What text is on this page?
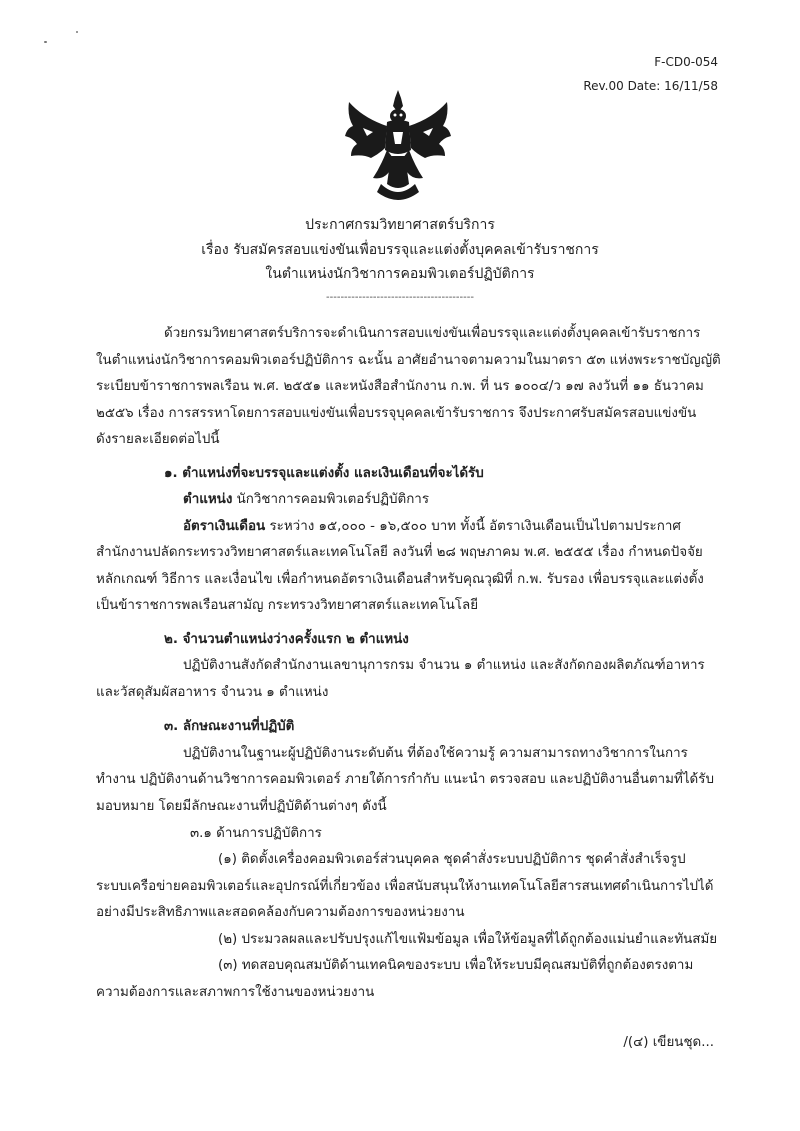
F-CD0-054
Rev.00 Date: 16/11/58
ประกาศกรมวิทยาศาสตร์บริการ
เรื่อง รับสมัครสอบแข่งขันเพื่อบรรจุและแต่งตั้งบุคคลเข้ารับราชการ
ในตำแหน่งนักวิชาการคอมพิวเตอร์ปฏิบัติการ
-----------------------------------------
ด้วยกรมวิทยาศาสตร์บริการจะดำเนินการสอบแข่งขันเพื่อบรรจุและแต่งตั้งบุคคลเข้ารับราชการ
ในตำแหน่งนักวิชาการคอมพิวเตอร์ปฏิบัติการ ฉะนั้น อาศัยอำนาจตามความในมาตรา ๕๓ แห่งพระราชบัญญัติ
ระเบียบข้าราชการพลเรือน พ.ศ. ๒๕๕๑ และหนังสือสำนักงาน ก.พ. ที่ นร ๑๐๐๔/ว ๑๗ ลงวันที่ ๑๑ ธันวาคม
๒๕๕๖ เรื่อง การสรรหาโดยการสอบแข่งขันเพื่อบรรจุบุคคลเข้ารับราชการ จึงประกาศรับสมัครสอบแข่งขัน
ดังรายละเอียดต่อไปนี้
๑. ตำแหน่งที่จะบรรจุและแต่งตั้ง และเงินเดือนที่จะได้รับ
ตำแหน่ง นักวิชาการคอมพิวเตอร์ปฏิบัติการ
อัตราเงินเดือน ระหว่าง ๑๕,๐๐๐ - ๑๖,๕๐๐ บาท ทั้งนี้ อัตราเงินเดือนเป็นไปตามประกาศ
สำนักงานปลัดกระทรวงวิทยาศาสตร์และเทคโนโลยี ลงวันที่ ๒๘ พฤษภาคม พ.ศ. ๒๕๕๕ เรื่อง กำหนดปัจจัย
หลักเกณฑ์ วิธีการ และเงื่อนไข เพื่อกำหนดอัตราเงินเดือนสำหรับคุณวุฒิที่ ก.พ. รับรอง เพื่อบรรจุและแต่งตั้ง
เป็นข้าราชการพลเรือนสามัญ กระทรวงวิทยาศาสตร์และเทคโนโลยี
๒. จำนวนตำแหน่งว่างครั้งแรก ๒ ตำแหน่ง
ปฏิบัติงานสังกัดสำนักงานเลขานุการกรม จำนวน ๑ ตำแหน่ง และสังกัดกองผลิตภัณฑ์อาหาร
และวัสดุสัมผัสอาหาร จำนวน ๑ ตำแหน่ง
๓. ลักษณะงานที่ปฏิบัติ
ปฏิบัติงานในฐานะผู้ปฏิบัติงานระดับต้น ที่ต้องใช้ความรู้ ความสามารถทางวิชาการในการ
ทำงาน ปฏิบัติงานด้านวิชาการคอมพิวเตอร์ ภายใต้การกำกับ แนะนำ ตรวจสอบ และปฏิบัติงานอื่นตามที่ได้รับ
มอบหมาย โดยมีลักษณะงานที่ปฏิบัติด้านต่างๆ ดังนี้
๓.๑ ด้านการปฏิบัติการ
(๑) ติดตั้งเครื่องคอมพิวเตอร์ส่วนบุคคล ชุดคำสั่งระบบปฏิบัติการ ชุดคำสั่งสำเร็จรูป
ระบบเครือข่ายคอมพิวเตอร์และอุปกรณ์ที่เกี่ยวข้อง เพื่อสนับสนุนให้งานเทคโนโลยีสารสนเทศดำเนินการไปได้
อย่างมีประสิทธิภาพและสอดคล้องกับความต้องการของหน่วยงาน
(๒) ประมวลผลและปรับปรุงแก้ไขแฟ้มข้อมูล เพื่อให้ข้อมูลที่ได้ถูกต้องแม่นยำและทันสมัย
(๓) ทดสอบคุณสมบัติด้านเทคนิคของระบบ เพื่อให้ระบบมีคุณสมบัติที่ถูกต้องตรงตาม
ความต้องการและสภาพการใช้งานของหน่วยงาน
/(๔) เขียนชุด...
